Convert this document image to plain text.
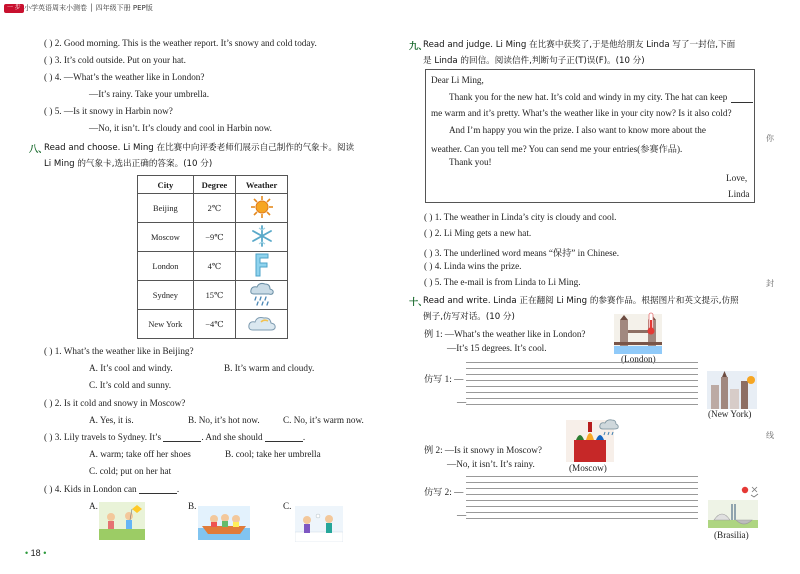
一 步 小学英语周末小测卷 │ 四年级下册 PEP版
( ) 2. Good morning. This is the weather report. It’s snowy and cold today.
( ) 3. It’s cold outside. Put on your hat.
( ) 4. —What’s the weather like in London?
—It’s rainy. Take your umbrella.
( ) 5. —Is it snowy in Harbin now?
—No, it isn’t. It’s cloudy and cool in Harbin now.
八、
Read and choose. Li Ming 在比赛中向评委老师们展示自己制作的气象卡。阅读
Li Ming 的气象卡,选出正确的答案。(10 分)
City	Degree	Weather
Beijing	2℃	
Moscow	−9℃	
London	4℃	
Sydney	15℃	
New York	−4℃	
( ) 1. What’s the weather like in Beijing?
A. It’s cool and windy.	B. It’s warm and cloudy.
C. It’s cold and sunny.
( ) 2. Is it cold and snowy in Moscow?
A. Yes, it is.	B. No, it’s hot now.	C. No, it’s warm now.
( ) 3. Lily travels to Sydney. It’s	. And she should	.
A. warm; take off her shoes	B. cool; take her umbrella
C. cold; put on her hat
( ) 4. Kids in London can	.
A.	B.	C.
• 18 •
九、
Read and judge. Li Ming 在比赛中获奖了,于是他给朋友 Linda 写了一封信,下面
是 Linda 的回信。阅读信件,判断句子正(T)误(F)。(10 分)
Dear Li Ming,
Thank you for the new hat. It’s cold and windy in my city. The hat can keep
me warm and it’s pretty. What’s the weather like in your city now? Is it also cold?
And I’m happy you win the prize. I also want to know more about the
weather. Can you tell me? You can send me your entries(参赛作品).
Thank you!
Love,
Linda
( ) 1. The weather in Linda’s city is cloudy and cool.
( ) 2. Li Ming gets a new hat.
( ) 3. The underlined word means “保持” in Chinese.
( ) 4. Linda wins the prize.
( ) 5. The e-mail is from Linda to Li Ming.
十、
Read and write. Linda 正在翻阅 Li Ming 的参赛作品。根据图片和英文提示,仿照
例子,仿写对话。(10 分)
例 1: —What’s the weather like in London?
—It’s 15 degrees. It’s cool.
(London)
仿写 1: —
—
(New York)
例 2: —Is it snowy in Moscow?
—No, it isn’t. It’s rainy.	(Moscow)
仿写 2: —
—
(Brasilia)
你
封
线
